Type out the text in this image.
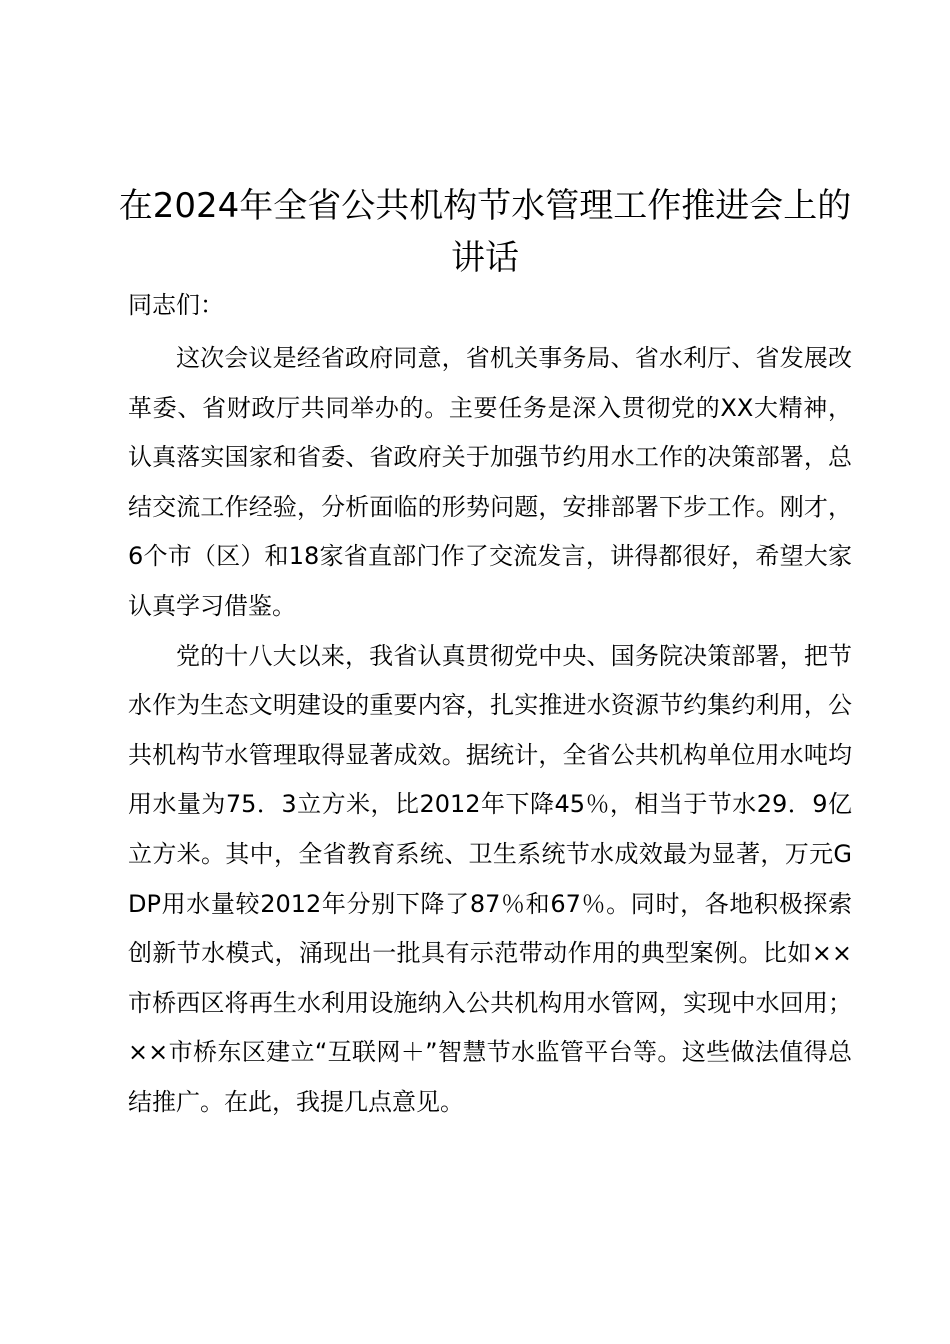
在2024年全省公共机构节水管理工作推进会上的讲话

同志们：

这次会议是经省政府同意，省机关事务局、省水利厅、省发展改革委、省财政厅共同举办的。主要任务是深入贯彻党的XX大精神，认真落实国家和省委、省政府关于加强节约用水工作的决策部署，总结交流工作经验，分析面临的形势问题，安排部署下步工作。刚才，6个市（区）和18家省直部门作了交流发言，讲得都很好，希望大家认真学习借鉴。

党的十八大以来，我省认真贯彻党中央、国务院决策部署，把节水作为生态文明建设的重要内容，扎实推进水资源节约集约利用，公共机构节水管理取得显著成效。据统计，全省公共机构单位用水吨均用水量为75．3立方米，比2012年下降45％，相当于节水29．9亿立方米。其中，全省教育系统、卫生系统节水成效最为显著，万元GDP用水量较2012年分别下降了87％和67％。同时，各地积极探索创新节水模式，涌现出一批具有示范带动作用的典型案例。比如××市桥西区将再生水利用设施纳入公共机构用水管网，实现中水回用；××市桥东区建立“互联网＋”智慧节水监管平台等。这些做法值得总结推广。在此，我提几点意见。
